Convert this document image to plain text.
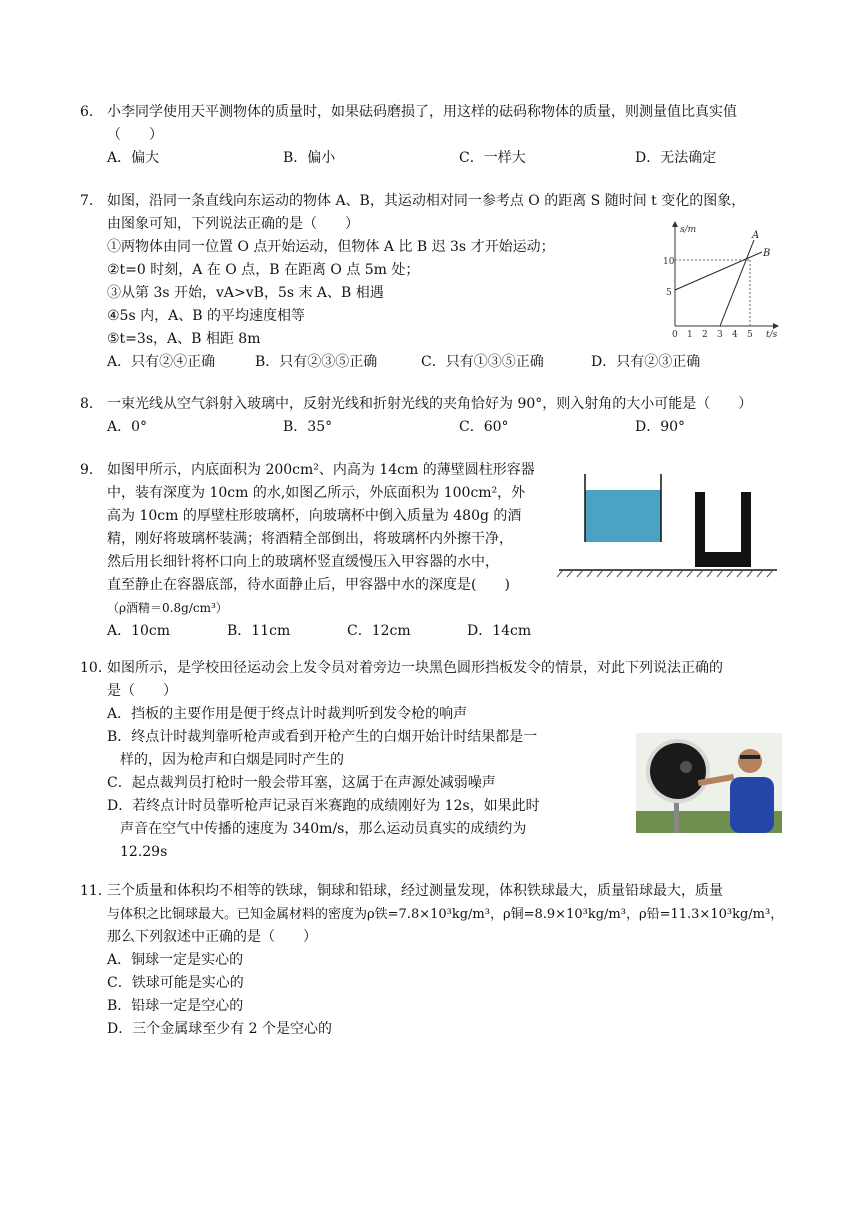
6． 小李同学使用天平测物体的质量时，如果砝码磨损了，用这样的砝码称物体的质量，则测量值比真实值
（　　）
A．偏大	B．偏小	C．一样大	D．无法确定
7． 如图，沿同一条直线向东运动的物体 A、B，其运动相对同一参考点 O 的距离 S 随时间 t 变化的图象，
由图象可知，下列说法正确的是（　　）
①两物体由同一位置 O 点开始运动，但物体 A 比 B 迟 3s 才开始运动；
②t=0 时刻，A 在 O 点，B 在距离 O 点 5m 处；
③从第 3s 开始，vA>vB，5s 末 A、B 相遇
④5s 内，A、B 的平均速度相等
⑤t=3s，A、B 相距 8m
A．只有②④正确	B．只有②③⑤正确	C．只有①③⑤正确	D．只有②③正确
s/m
t/s
10
5
0 1 2 3 4 5
A
B
8． 一束光线从空气斜射入玻璃中，反射光线和折射光线的夹角恰好为 90°，则入射角的大小可能是（　　）
A．0°	B．35°	C．60°	D．90°
9． 如图甲所示，内底面积为 200cm²、内高为 14cm 的薄壁圆柱形容器
中，装有深度为 10cm 的水,如图乙所示，外底面积为 100cm²，外
高为 10cm 的厚壁柱形玻璃杯，向玻璃杯中倒入质量为 480g 的酒
精，刚好将玻璃杯装满；将酒精全部倒出，将玻璃杯内外擦干净，
然后用长细针将杯口向上的玻璃杯竖直缓慢压入甲容器的水中，
直至静止在容器底部，待水面静止后，甲容器中水的深度是(　　)
（ρ酒精＝0.8g/cm³）
A．10cm	B．11cm	C．12cm	D．14cm
10．如图所示，是学校田径运动会上发令员对着旁边一块黑色圆形挡板发令的情景，对此下列说法正确的
是（　　）
A．挡板的主要作用是便于终点计时裁判听到发令枪的响声
B．终点计时裁判靠听枪声或看到开枪产生的白烟开始计时结果都是一
样的，因为枪声和白烟是同时产生的
C．起点裁判员打枪时一般会带耳塞，这属于在声源处减弱噪声
D．若终点计时员靠听枪声记录百米赛跑的成绩刚好为 12s，如果此时
声音在空气中传播的速度为 340m/s，那么运动员真实的成绩约为
12.29s
11．三个质量和体积均不相等的铁球，铜球和铅球，经过测量发现，体积铁球最大，质量铅球最大，质量
与体积之比铜球最大。已知金属材料的密度为ρ铁=7.8×10³kg/m³，ρ铜=8.9×10³kg/m³，ρ铅=11.3×10³kg/m³，
那么下列叙述中正确的是（　　）
A．铜球一定是实心的
C．铁球可能是实心的
B．铅球一定是空心的
D．三个金属球至少有 2 个是空心的
